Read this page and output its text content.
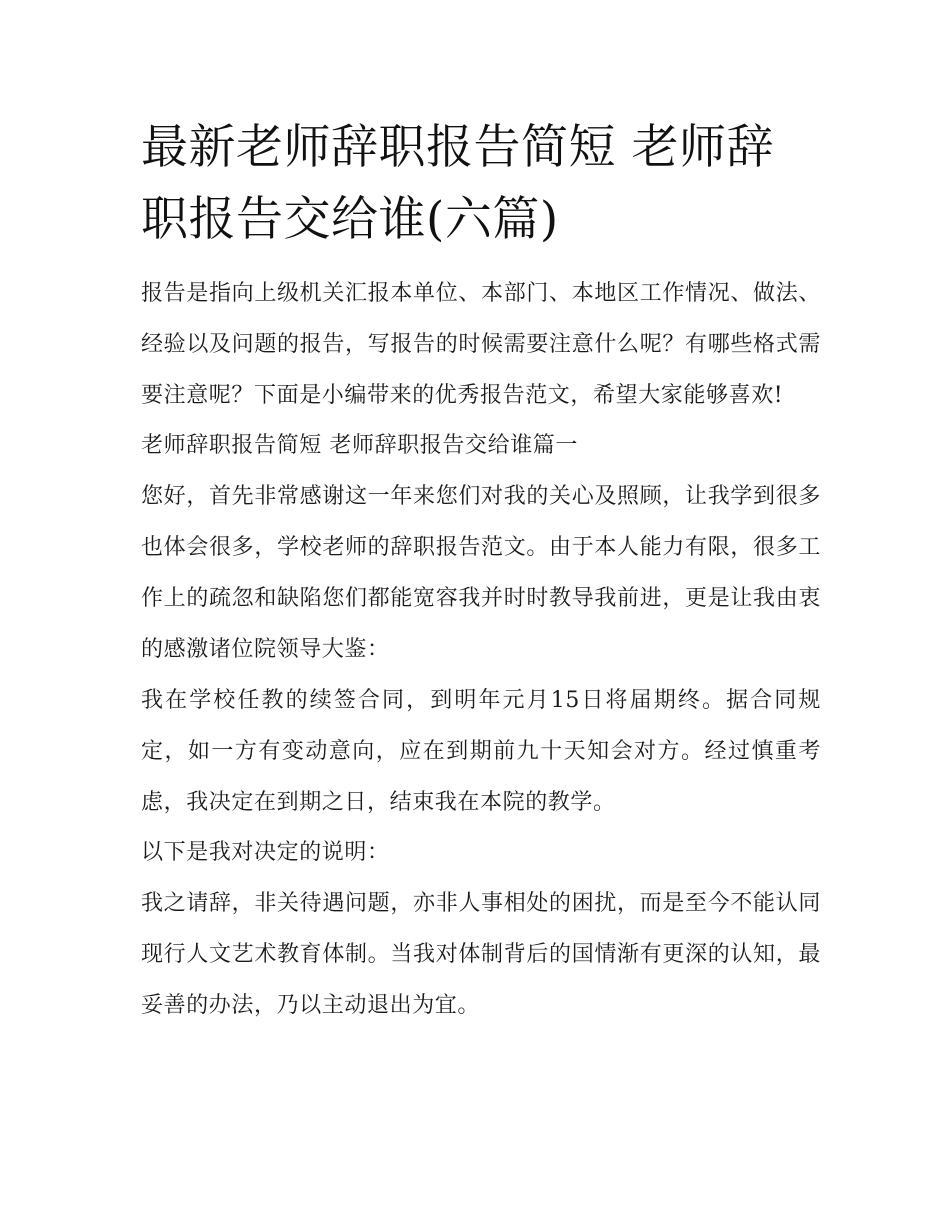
最新老师辞职报告简短 老师辞职报告交给谁(六篇)

报告是指向上级机关汇报本单位、本部门、本地区工作情况、做法、经验以及问题的报告，写报告的时候需要注意什么呢？有哪些格式需要注意呢？下面是小编带来的优秀报告范文，希望大家能够喜欢!

老师辞职报告简短 老师辞职报告交给谁篇一

您好，首先非常感谢这一年来您们对我的关心及照顾，让我学到很多也体会很多，学校老师的辞职报告范文。由于本人能力有限，很多工作上的疏忽和缺陷您们都能宽容我并时时教导我前进，更是让我由衷的感激诸位院领导大鉴：

我在学校任教的续签合同，到明年元月15日将届期终。据合同规定，如一方有变动意向，应在到期前九十天知会对方。经过慎重考虑，我决定在到期之日，结束我在本院的教学。

以下是我对决定的说明：

我之请辞，非关待遇问题，亦非人事相处的困扰，而是至今不能认同现行人文艺术教育体制。当我对体制背后的国情渐有更深的认知，最妥善的办法，乃以主动退出为宜。
